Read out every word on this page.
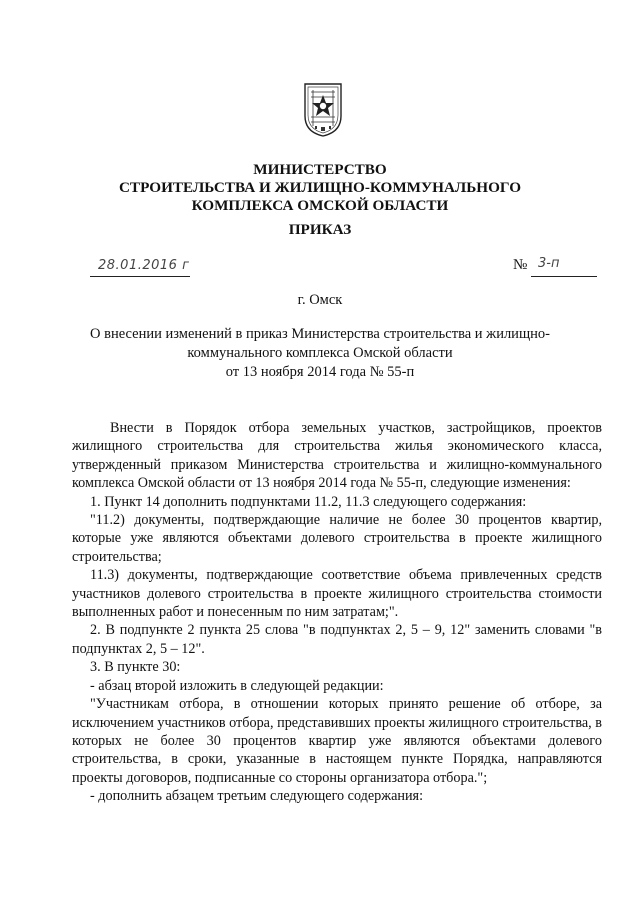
МИНИСТЕРСТВО
СТРОИТЕЛЬСТВА И ЖИЛИЩНО-КОММУНАЛЬНОГО
КОМПЛЕКСА ОМСКОЙ ОБЛАСТИ
ПРИКАЗ
28.01.2016 г	№ 3-п
г. Омск
О внесении изменений в приказ Министерства строительства и жилищно-
коммунального комплекса Омской области
от 13 ноября 2014 года № 55-п

Внести в Порядок отбора земельных участков, застройщиков, проектов жилищного строительства для строительства жилья экономического класса, утвержденный приказом Министерства строительства и жилищно-коммунального комплекса Омской области от 13 ноября 2014 года № 55-п, следующие изменения:

1. Пункт 14 дополнить подпунктами 11.2, 11.3 следующего содержания:

"11.2) документы, подтверждающие наличие не более 30 процентов квартир, которые уже являются объектами долевого строительства в проекте жилищного строительства;

11.3) документы, подтверждающие соответствие объема привлеченных средств участников долевого строительства в проекте жилищного строительства стоимости выполненных работ и понесенным по ним затратам;".

2. В подпункте 2 пункта 25 слова "в подпунктах 2, 5 – 9, 12" заменить словами "в подпунктах 2, 5 – 12".

3. В пункте 30:

- абзац второй изложить в следующей редакции:

"Участникам отбора, в отношении которых принято решение об отборе, за исключением участников отбора, представивших проекты жилищного строительства, в которых не более 30 процентов квартир уже являются объектами долевого строительства, в сроки, указанные в настоящем пункте Порядка, направляются проекты договоров, подписанные со стороны организатора отбора.";

- дополнить абзацем третьим следующего содержания:
